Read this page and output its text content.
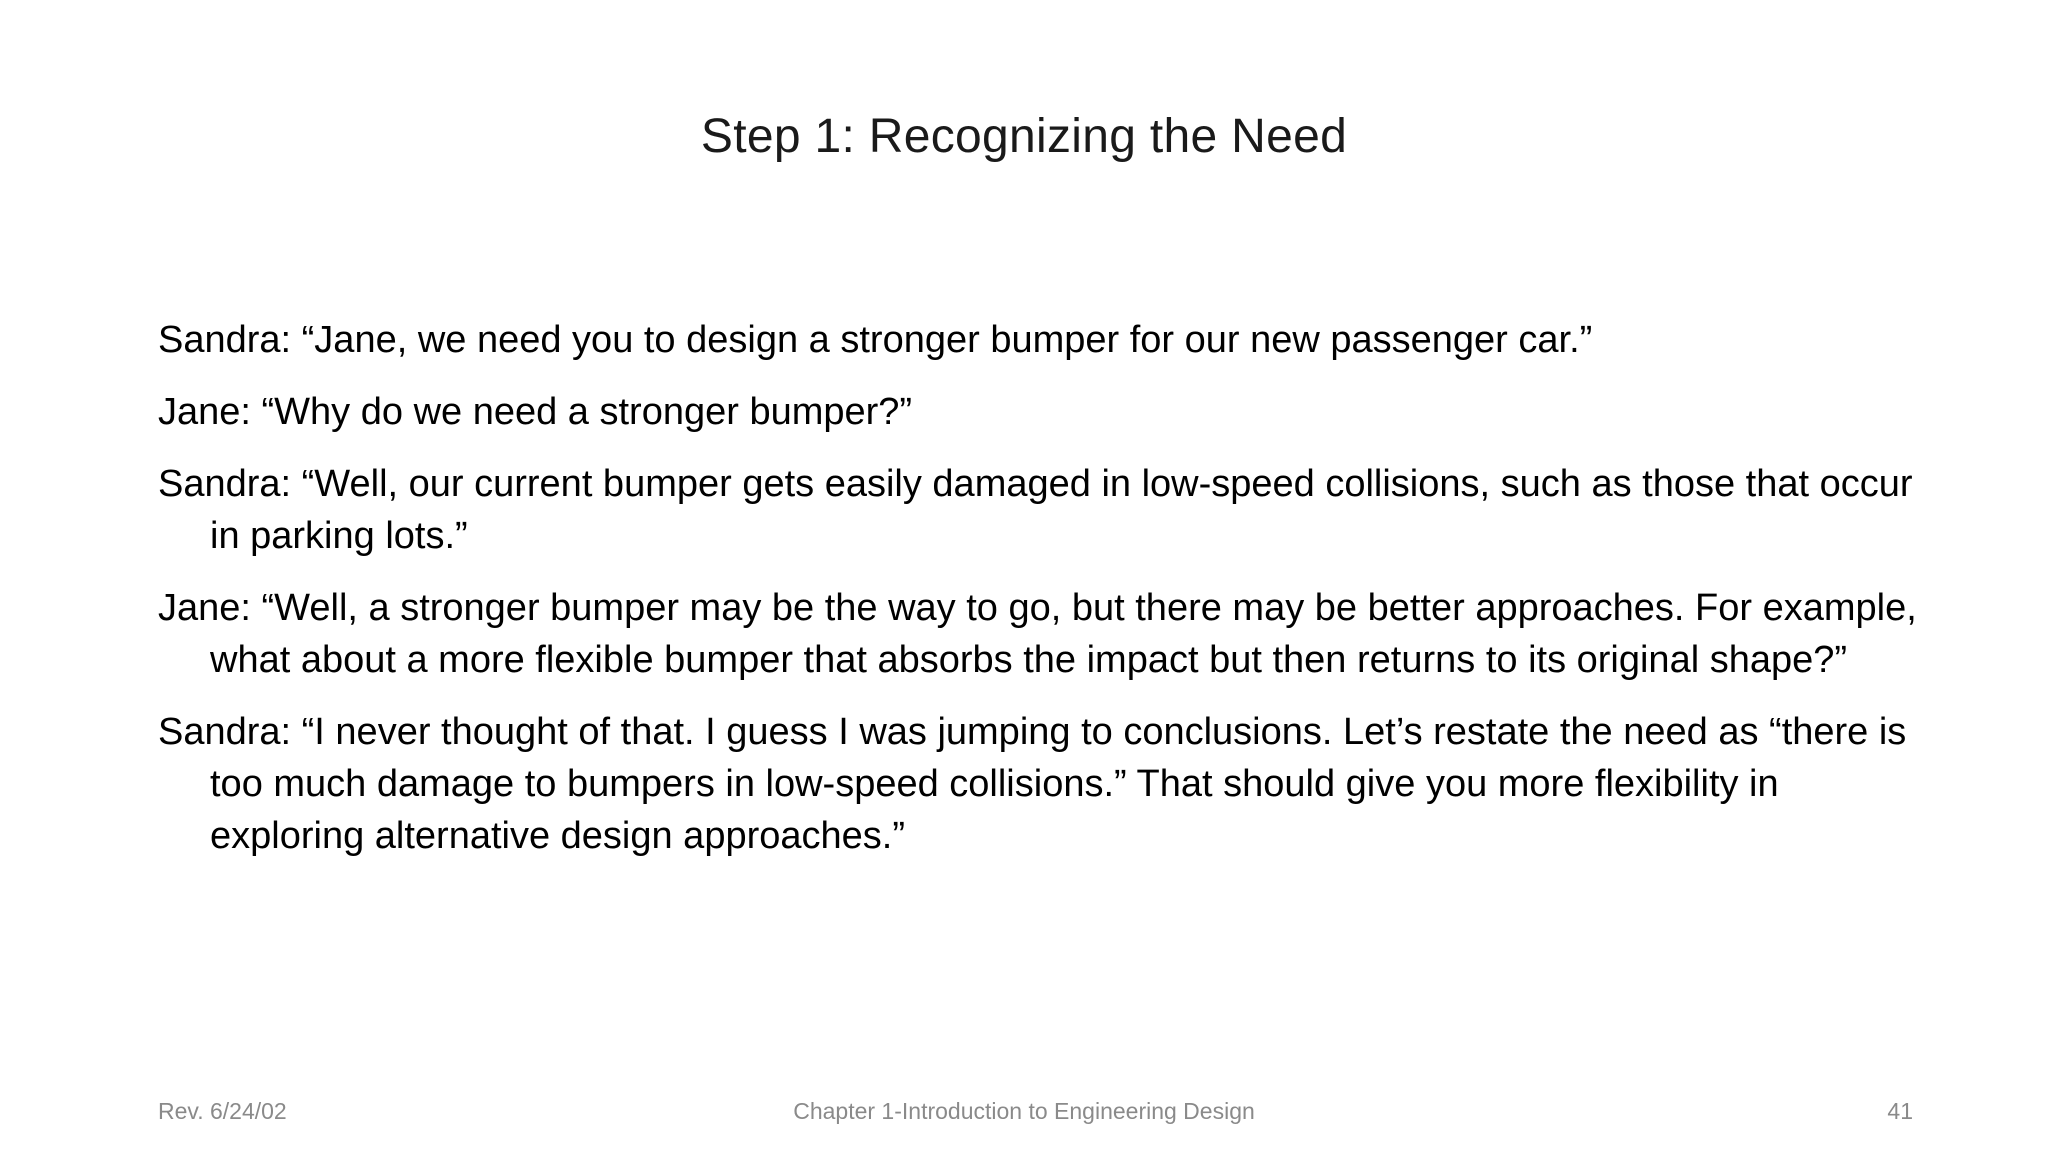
Step 1: Recognizing the Need

Sandra: “Jane, we need you to design a stronger bumper for our new passenger car.”

Jane: “Why do we need a stronger bumper?”

Sandra: “Well, our current bumper gets easily damaged in low-speed collisions, such as those that occur in parking lots.”

Jane: “Well, a stronger bumper may be the way to go, but there may be better approaches. For example, what about a more flexible bumper that absorbs the impact but then returns to its original shape?”

Sandra: “I never thought of that. I guess I was jumping to conclusions. Let’s restate the need as “there is too much damage to bumpers in low-speed collisions.” That should give you more flexibility in exploring alternative design approaches.”

Rev. 6/24/02	Chapter 1-Introduction to Engineering Design	41
